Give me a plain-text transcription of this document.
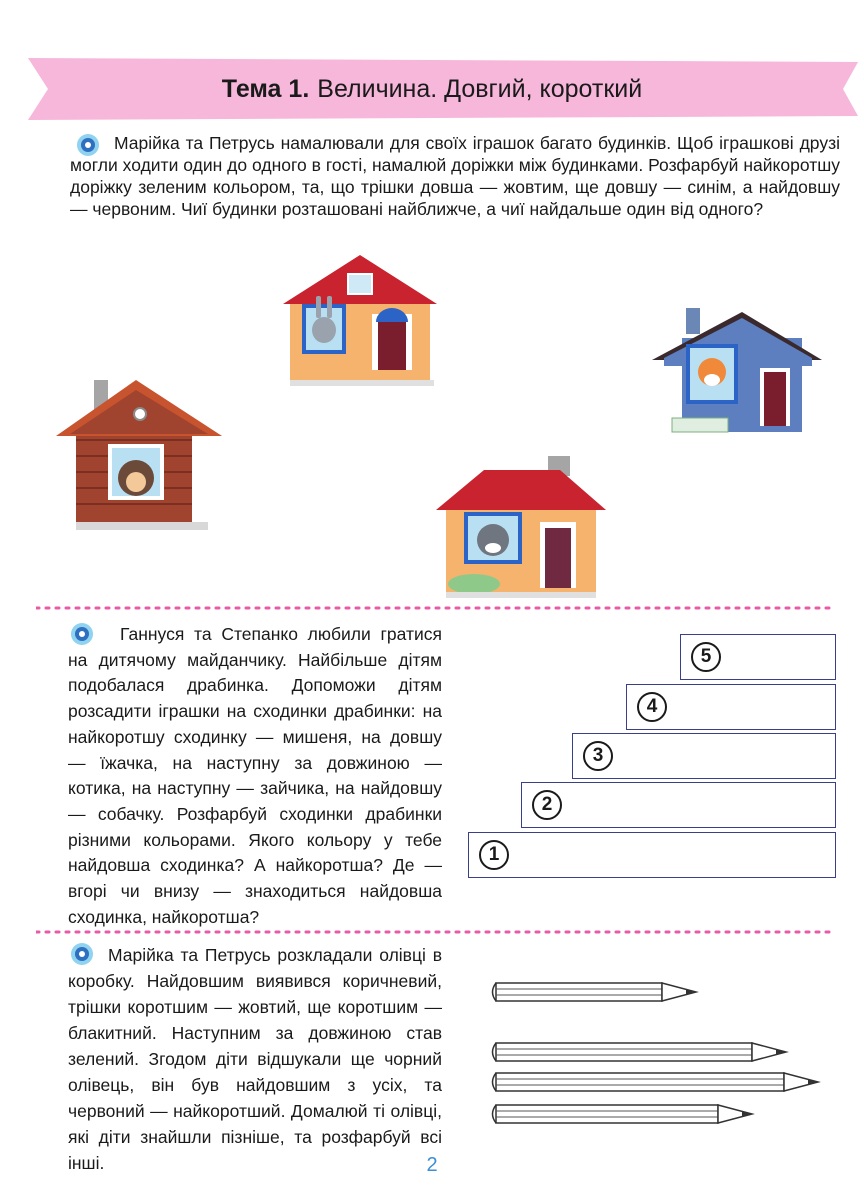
Тема 1. Величина. Довгий, короткий

Марійка та Петрусь намалювали для своїх іграшок багато будинків. Щоб іграшкові друзі могли ходити один до одного в гості, намалюй доріжки між будинками. Розфарбуй найкоротшу доріжку зеленим кольором, та, що трішки довша — жовтим, ще довшу — синім, а найдовшу — червоним. Чиї будинки розташовані найближче, а чиї найдальше один від одного?

Ганнуся та Степанко любили гратися на дитячому майданчику. Найбільше дітям подобалася драбинка. Допоможи дітям розсадити іграшки на сходинки драбинки: на найкоротшу сходинку — мишеня, на довшу — їжачка, на наступну за довжиною — котика, на наступну — зайчика, на найдовшу — собачку. Розфарбуй сходинки драбинки різними кольорами. Якого кольору у тебе найдовша сходинка? А найкоротша? Де — вгорі чи внизу — знаходиться найдовша сходинка, найкоротша?

5
4
3
2
1

Марійка та Петрусь розкладали олівці в коробку. Найдовшим виявився коричневий, трішки коротшим — жовтий, ще коротшим — блакитний. Наступним за довжиною став зелений. Згодом діти відшукали ще чорний олівець, він був найдовшим з усіх, та червоний — найкоротший. Домалюй ті олівці, які діти знайшли пізніше, та розфарбуй всі інші.	2
